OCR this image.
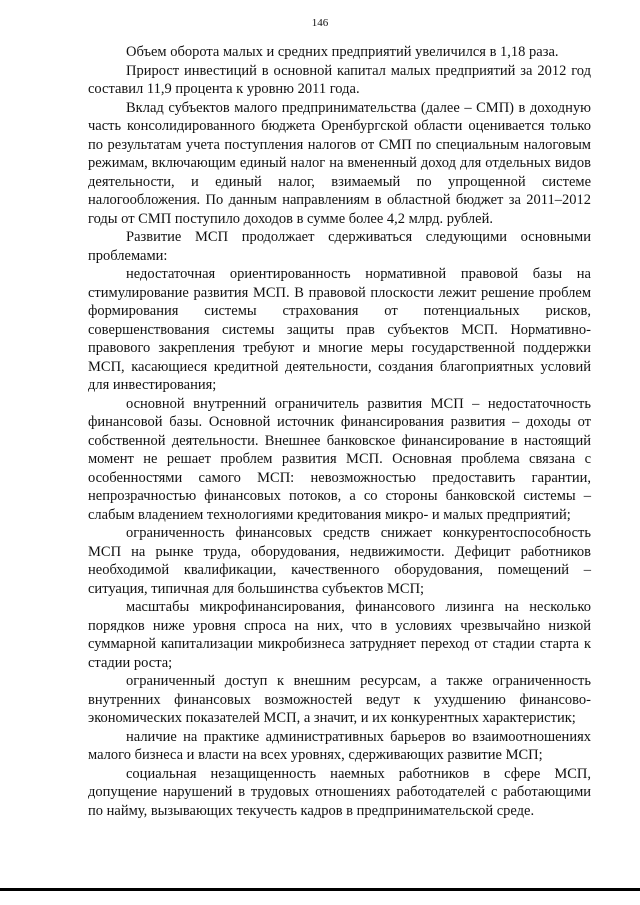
146

Объем оборота малых и средних предприятий увеличился в 1,18 раза.

Прирост инвестиций в основной капитал малых предприятий за 2012 год составил 11,9 процента к уровню 2011 года.

Вклад субъектов малого предпринимательства (далее – СМП) в доходную часть консолидированного бюджета Оренбургской области оценивается только по результатам учета поступления налогов от СМП по специальным налоговым режимам, включающим единый налог на вмененный доход для отдельных видов деятельности, и единый налог, взимаемый по упрощенной системе налогообложения. По данным направлениям в областной бюджет за 2011–2012 годы от СМП поступило доходов в сумме более 4,2 млрд. рублей.

Развитие МСП продолжает сдерживаться следующими основными проблемами:

недостаточная ориентированность нормативной правовой базы на стимулирование развития МСП. В правовой плоскости лежит решение проблем формирования системы страхования от потенциальных рисков, совершенствования системы защиты прав субъектов МСП. Нормативно-правового закрепления требуют и многие меры государственной поддержки МСП, касающиеся кредитной деятельности, создания благоприятных условий для инвестирования;

основной внутренний ограничитель развития МСП – недостаточность финансовой базы. Основной источник финансирования развития – доходы от собственной деятельности. Внешнее банковское финансирование в настоящий момент не решает проблем развития МСП. Основная проблема связана с особенностями самого МСП: невозможностью предоставить гарантии, непрозрачностью финансовых потоков, а со стороны банковской системы – слабым владением технологиями кредитования микро- и малых предприятий;

ограниченность финансовых средств снижает конкурентоспособность МСП на рынке труда, оборудования, недвижимости. Дефицит работников необходимой квалификации, качественного оборудования, помещений – ситуация, типичная для большинства субъектов МСП;

масштабы микрофинансирования, финансового лизинга на несколько порядков ниже уровня спроса на них, что в условиях чрезвычайно низкой суммарной капитализации микробизнеса затрудняет переход от стадии старта к стадии роста;

ограниченный доступ к внешним ресурсам, а также ограниченность внутренних финансовых возможностей ведут к ухудшению финансово-экономических показателей МСП, а значит, и их конкурентных характеристик;

наличие на практике административных барьеров во взаимоотношениях малого бизнеса и власти на всех уровнях, сдерживающих развитие МСП;

социальная незащищенность наемных работников в сфере МСП, допущение нарушений в трудовых отношениях работодателей с работающими по найму, вызывающих текучесть кадров в предпринимательской среде.
